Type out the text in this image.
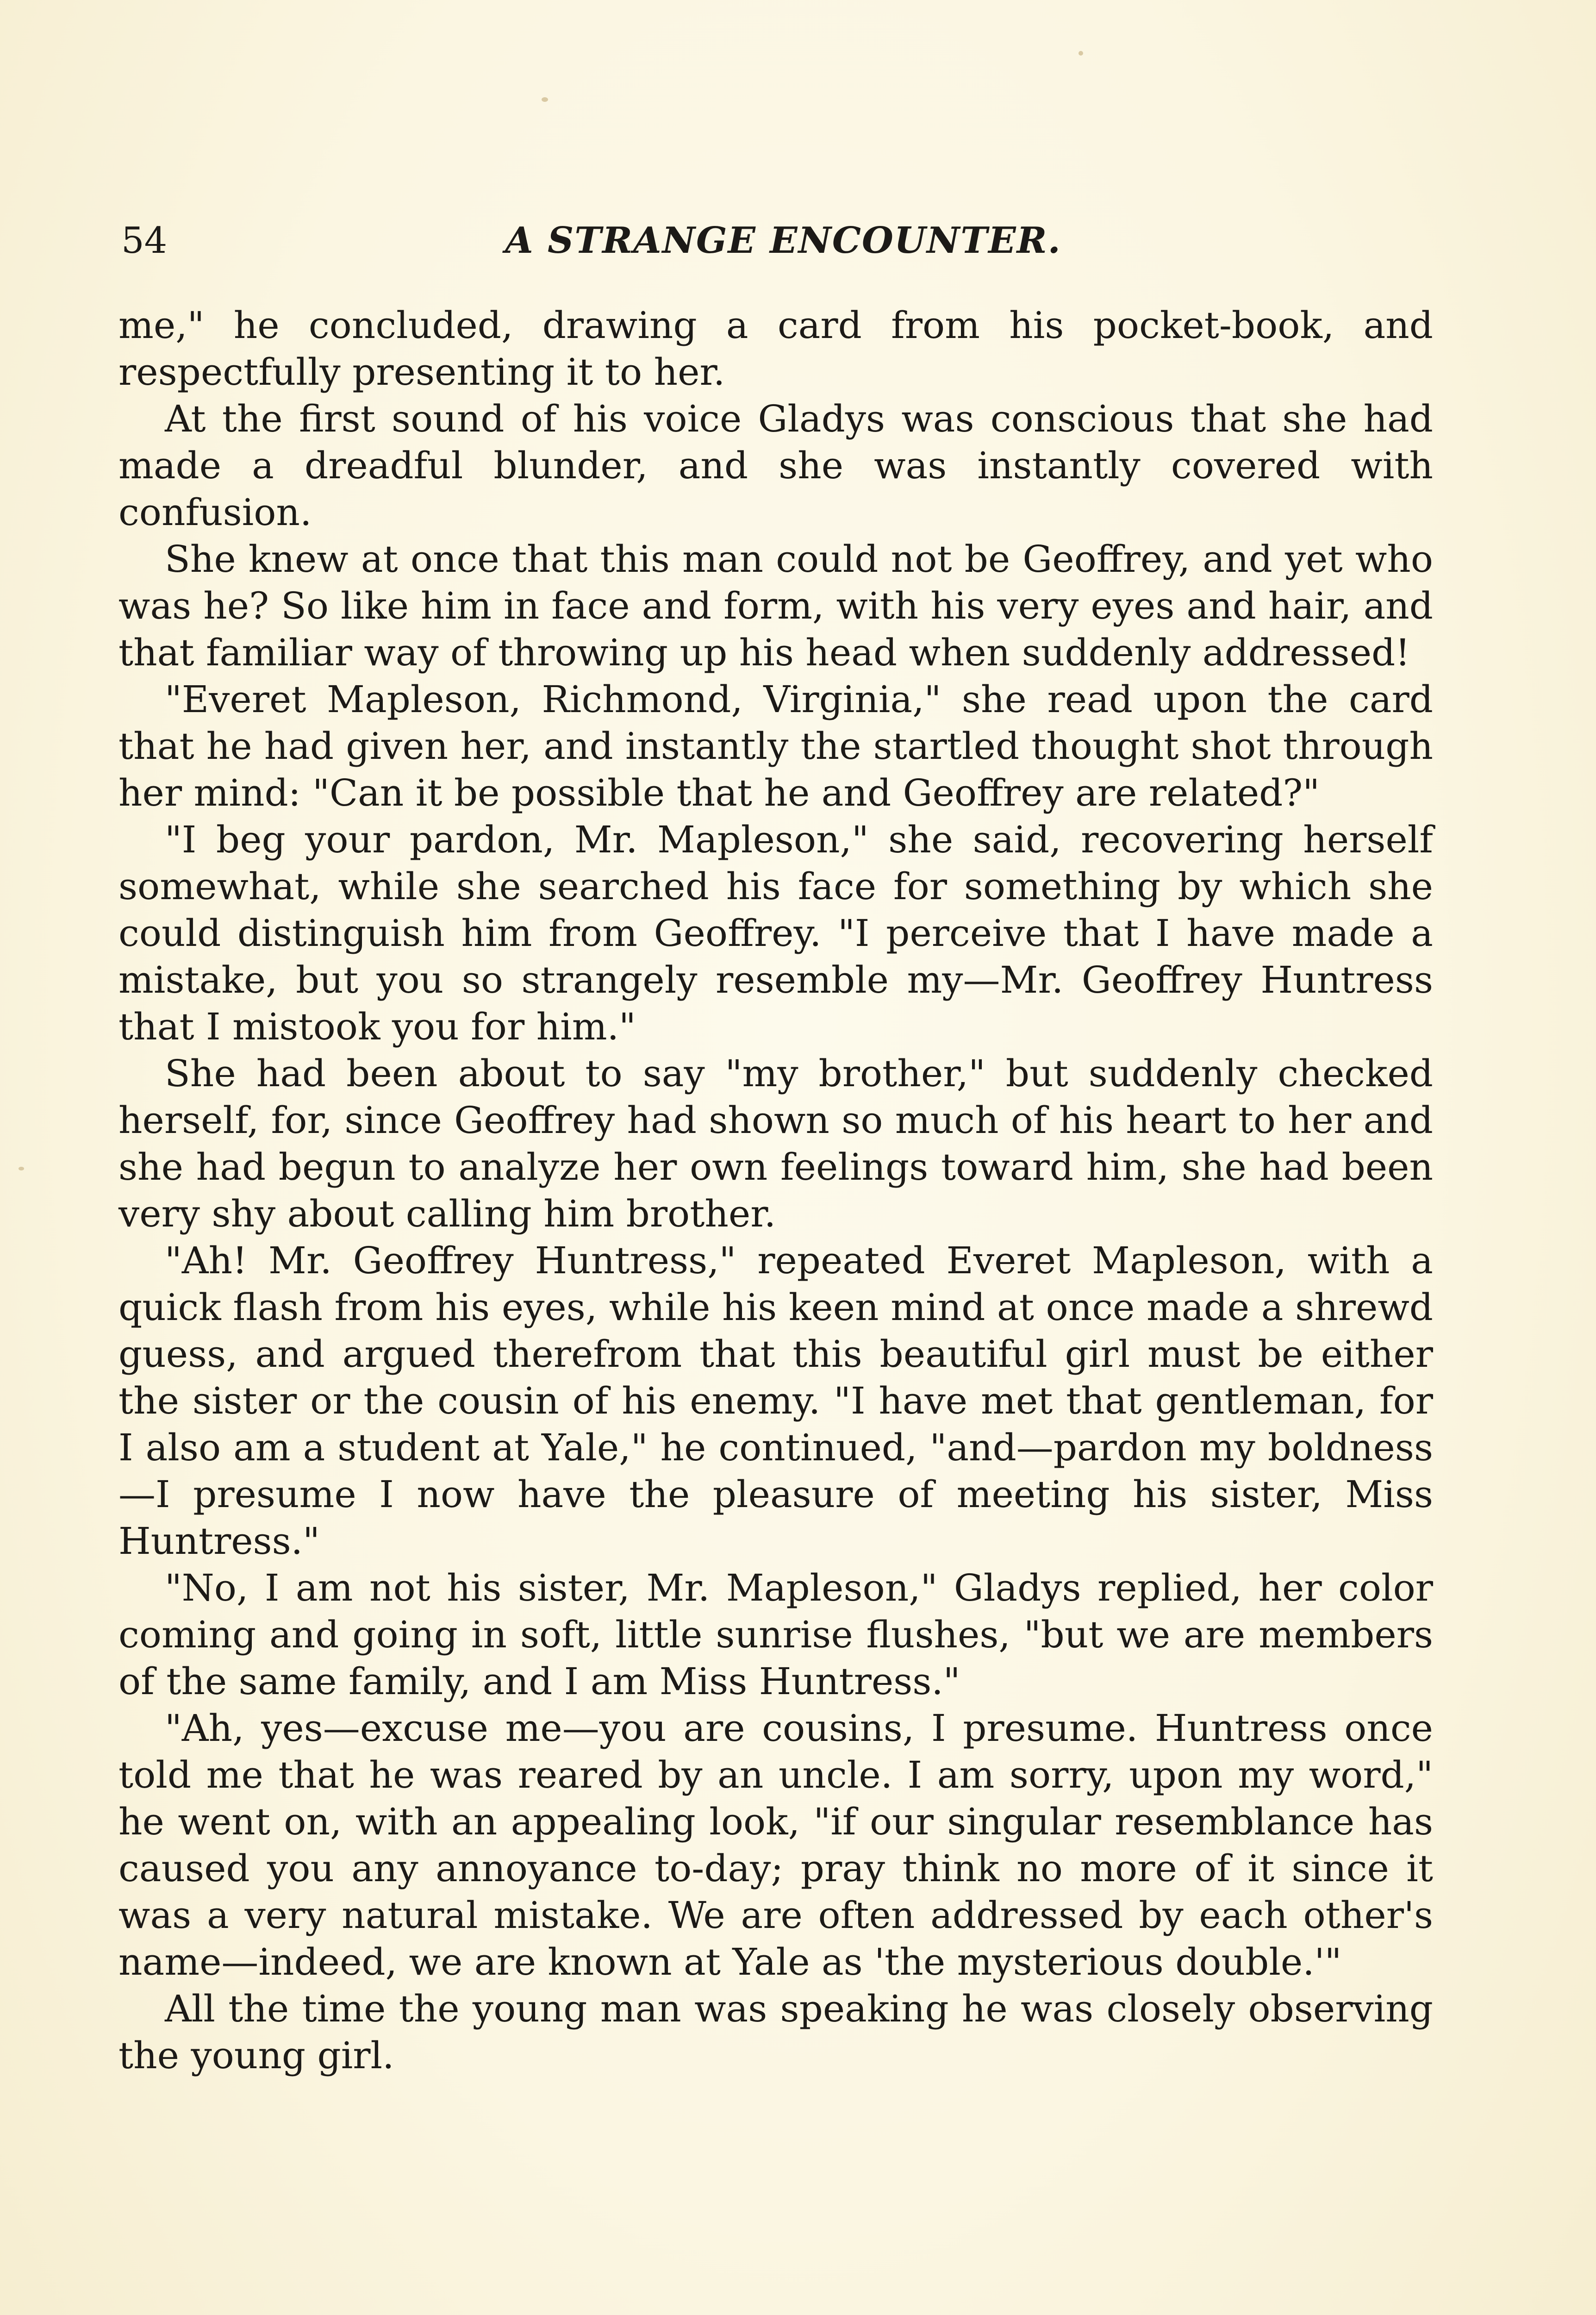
54	A STRANGE ENCOUNTER.

me," he concluded, drawing a card from his pocket-book, and respectfully presenting it to her.

At the first sound of his voice Gladys was conscious that she had made a dreadful blunder, and she was instantly covered with confusion.

She knew at once that this man could not be Geoffrey, and yet who was he? So like him in face and form, with his very eyes and hair, and that familiar way of throwing up his head when suddenly addressed!

"Everet Mapleson, Richmond, Virginia," she read upon the card that he had given her, and instantly the startled thought shot through her mind: "Can it be possible that he and Geoffrey are related?"

"I beg your pardon, Mr. Mapleson," she said, recovering herself somewhat, while she searched his face for something by which she could distinguish him from Geoffrey. "I perceive that I have made a mistake, but you so strangely resemble my—Mr. Geoffrey Huntress that I mistook you for him."

She had been about to say "my brother," but suddenly checked herself, for, since Geoffrey had shown so much of his heart to her and she had begun to analyze her own feelings toward him, she had been very shy about calling him brother.

"Ah! Mr. Geoffrey Huntress," repeated Everet Mapleson, with a quick flash from his eyes, while his keen mind at once made a shrewd guess, and argued therefrom that this beautiful girl must be either the sister or the cousin of his enemy. "I have met that gentleman, for I also am a student at Yale," he continued, "and—pardon my boldness—I presume I now have the pleasure of meeting his sister, Miss Huntress."

"No, I am not his sister, Mr. Mapleson," Gladys replied, her color coming and going in soft, little sunrise flushes, "but we are members of the same family, and I am Miss Huntress."

"Ah, yes—excuse me—you are cousins, I presume. Huntress once told me that he was reared by an uncle. I am sorry, upon my word," he went on, with an appealing look, "if our singular resemblance has caused you any annoyance to-day; pray think no more of it since it was a very natural mistake. We are often addressed by each other's name—indeed, we are known at Yale as 'the mysterious double.'"

All the time the young man was speaking he was closely observing the young girl.
